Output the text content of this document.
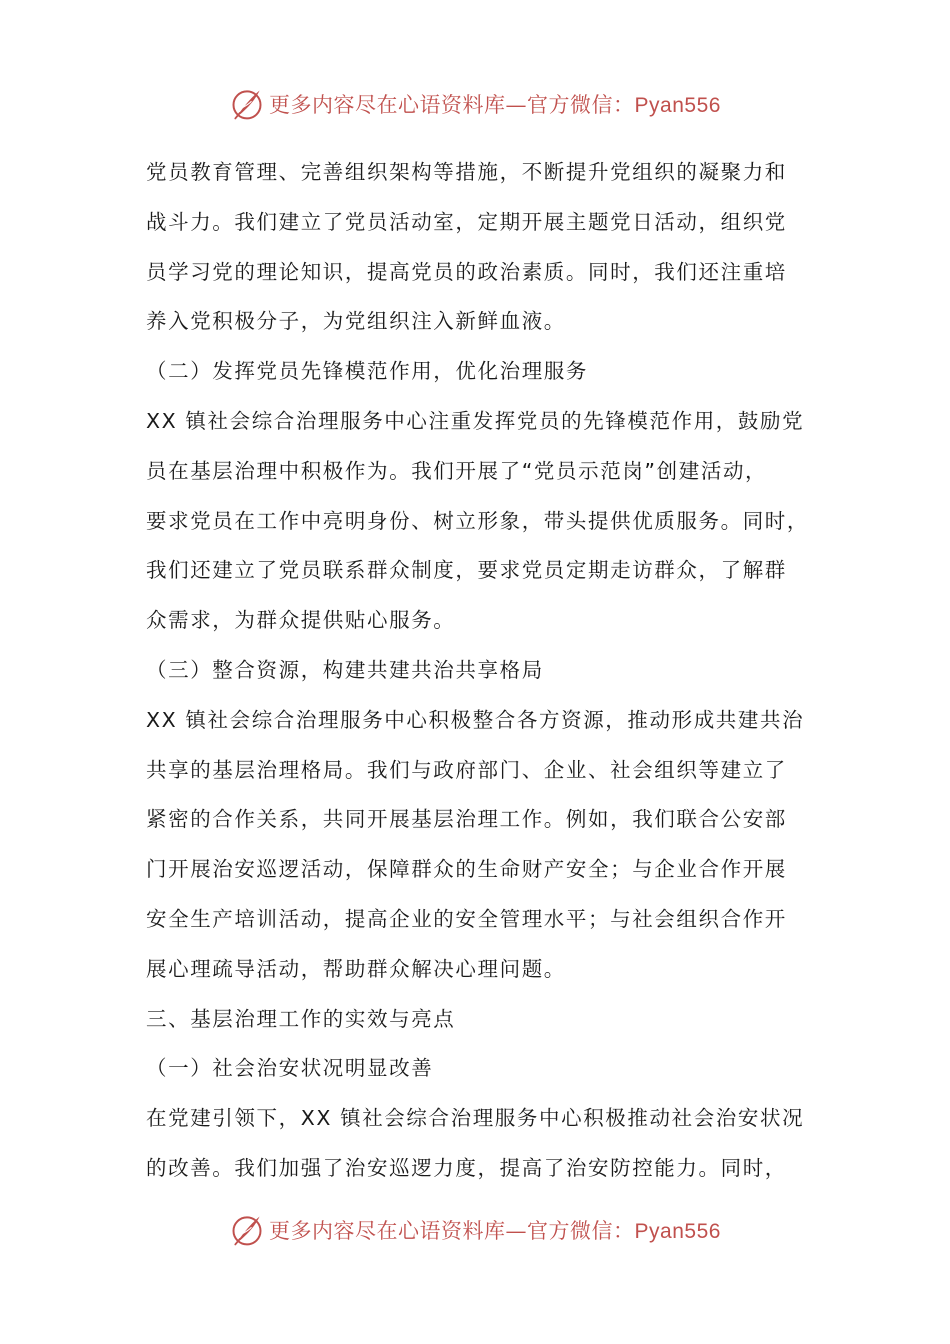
更多内容尽在心语资料库—官方微信：Pyan556
党员教育管理、完善组织架构等措施，不断提升党组织的凝聚力和
战斗力。我们建立了党员活动室，定期开展主题党日活动，组织党
员学习党的理论知识，提高党员的政治素质。同时，我们还注重培
养入党积极分子，为党组织注入新鲜血液。
（二）发挥党员先锋模范作用，优化治理服务
XX 镇社会综合治理服务中心注重发挥党员的先锋模范作用，鼓励党
员在基层治理中积极作为。我们开展了“党员示范岗”创建活动，
要求党员在工作中亮明身份、树立形象，带头提供优质服务。同时，
我们还建立了党员联系群众制度，要求党员定期走访群众，了解群
众需求，为群众提供贴心服务。
（三）整合资源，构建共建共治共享格局
XX 镇社会综合治理服务中心积极整合各方资源，推动形成共建共治
共享的基层治理格局。我们与政府部门、企业、社会组织等建立了
紧密的合作关系，共同开展基层治理工作。例如，我们联合公安部
门开展治安巡逻活动，保障群众的生命财产安全；与企业合作开展
安全生产培训活动，提高企业的安全管理水平；与社会组织合作开
展心理疏导活动，帮助群众解决心理问题。
三、基层治理工作的实效与亮点
（一）社会治安状况明显改善
在党建引领下，XX 镇社会综合治理服务中心积极推动社会治安状况
的改善。我们加强了治安巡逻力度，提高了治安防控能力。同时，
更多内容尽在心语资料库—官方微信：Pyan556
